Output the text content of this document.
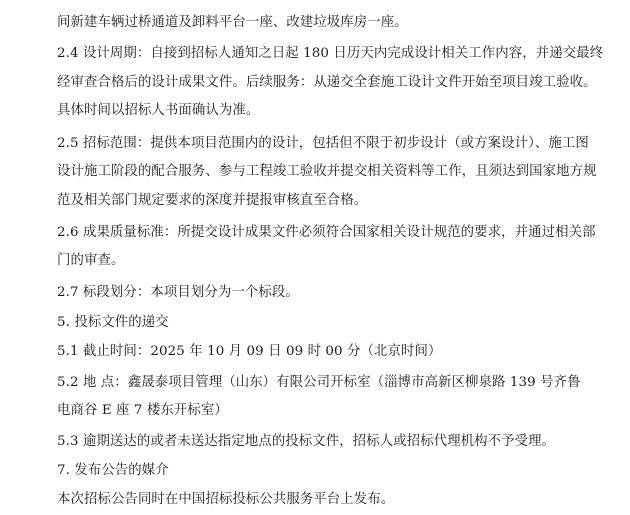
间新建车辆过桥通道及卸料平台一座、改建垃圾库房一座。
2.4 设计周期：自接到招标人通知之日起 180 日历天内完成设计相关工作内容，并递交最终
经审查合格后的设计成果文件。后续服务：从递交全套施工设计文件开始至项目竣工验收。
具体时间以招标人书面确认为准。
2.5 招标范围：提供本项目范围内的设计，包括但不限于初步设计（或方案设计）、施工图
设计施工阶段的配合服务、参与工程竣工验收并提交相关资料等工作，且须达到国家地方规
范及相关部门规定要求的深度并提报审核直至合格。
2.6 成果质量标准：所提交设计成果文件必须符合国家相关设计规范的要求，并通过相关部
门的审查。
2.7 标段划分：本项目划分为一个标段。
5. 投标文件的递交
5.1 截止时间：2025 年 10 月 09 日 09 时 00 分（北京时间）
5.2 地 点：鑫晟泰项目管理（山东）有限公司开标室（淄博市高新区柳泉路 139 号齐鲁
电商谷 E 座 7 楼东开标室）
5.3 逾期送达的或者未送达指定地点的投标文件，招标人或招标代理机构不予受理。
7. 发布公告的媒介
本次招标公告同时在中国招标投标公共服务平台上发布。
